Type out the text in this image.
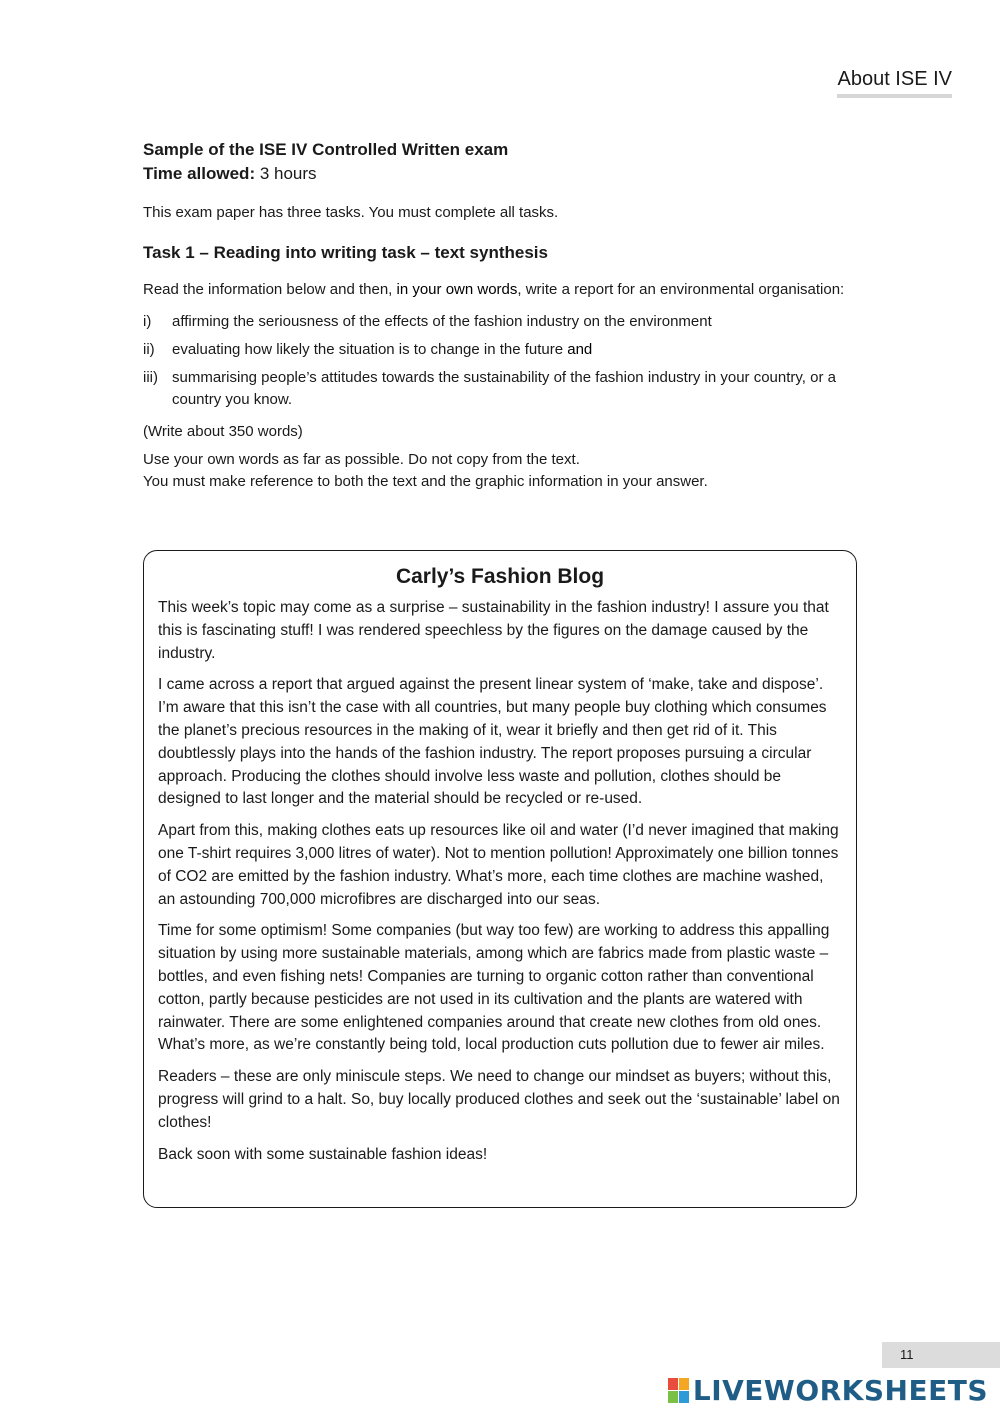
About ISE IV

Sample of the ISE IV Controlled Written exam

Time allowed: 3 hours

This exam paper has three tasks. You must complete all tasks.

Task 1 – Reading into writing task – text synthesis

Read the information below and then, in your own words, write a report for an environmental organisation:

i)	affirming the seriousness of the effects of the fashion industry on the environment
ii)	evaluating how likely the situation is to change in the future and
iii) summarising people’s attitudes towards the sustainability of the fashion industry in your country, or a country you know.

(Write about 350 words)

Use your own words as far as possible. Do not copy from the text.
You must make reference to both the text and the graphic information in your answer.

Carly’s Fashion Blog

This week’s topic may come as a surprise – sustainability in the fashion industry! I assure you that this is fascinating stuff! I was rendered speechless by the figures on the damage caused by the industry.

I came across a report that argued against the present linear system of ‘make, take and dispose’. I’m aware that this isn’t the case with all countries, but many people buy clothing which consumes the planet’s precious resources in the making of it, wear it briefly and then get rid of it. This doubtlessly plays into the hands of the fashion industry. The report proposes pursuing a circular approach. Producing the clothes should involve less waste and pollution, clothes should be designed to last longer and the material should be recycled or re-used.

Apart from this, making clothes eats up resources like oil and water (I’d never imagined that making one T-shirt requires 3,000 litres of water). Not to mention pollution! Approximately one billion tonnes of CO2 are emitted by the fashion industry. What’s more, each time clothes are machine washed, an astounding 700,000 microfibres are discharged into our seas.

Time for some optimism! Some companies (but way too few) are working to address this appalling situation by using more sustainable materials, among which are fabrics made from plastic waste – bottles, and even fishing nets! Companies are turning to organic cotton rather than conventional cotton, partly because pesticides are not used in its cultivation and the plants are watered with rainwater. There are some enlightened companies around that create new clothes from old ones. What’s more, as we’re constantly being told, local production cuts pollution due to fewer air miles.

Readers – these are only miniscule steps. We need to change our mindset as buyers; without this, progress will grind to a halt. So, buy locally produced clothes and seek out the ‘sustainable’ label on clothes!

Back soon with some sustainable fashion ideas!

11
LIVEWORKSHEETS
